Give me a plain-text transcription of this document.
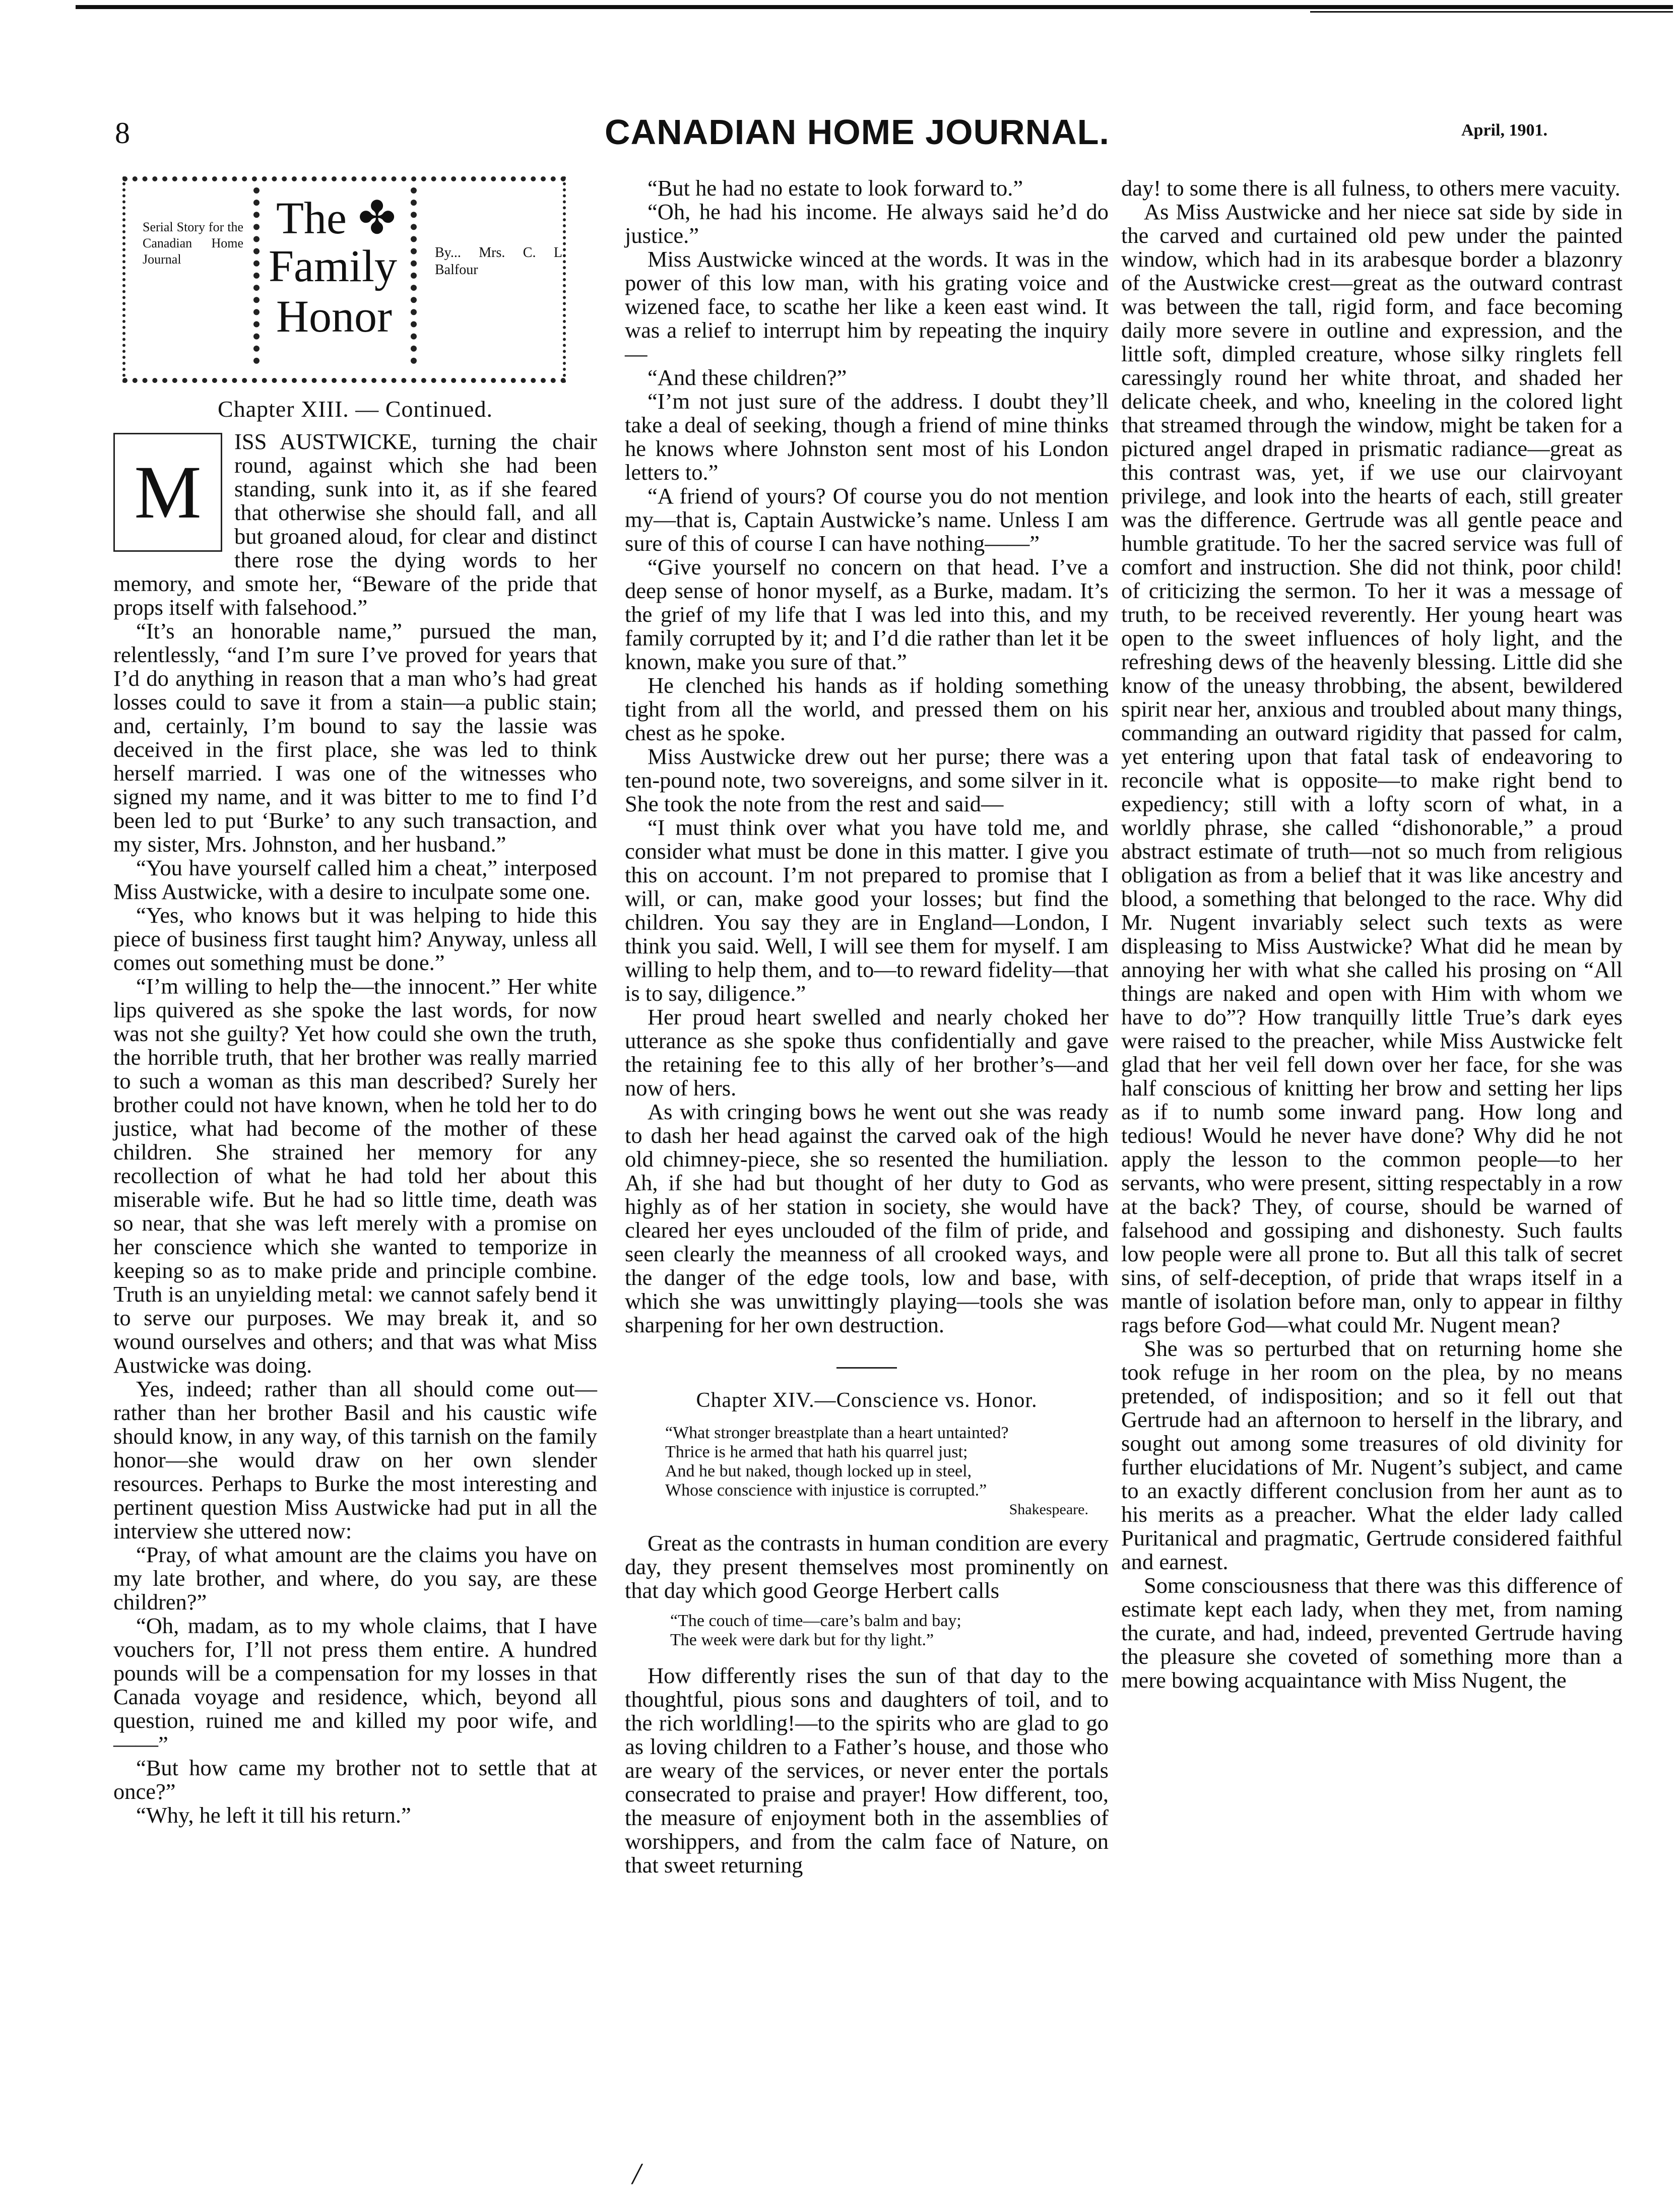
8	CANADIAN HOME JOURNAL.	April, 1901.
Serial Story for the Canadian Home Journal
The ✤
Family
Honor
By... Mrs. C. L. Balfour
Chapter XIII. — Continued.
M

ISS AUSTWICKE, turning the chair round, against which she had been standing, sunk into it, as if she feared that otherwise she should fall, and all but groaned aloud, for clear and distinct there rose the dying words to her memory, and smote her, “Beware of the pride that props itself with falsehood.”

“It’s an honorable name,” pursued the man, relentlessly, “and I’m sure I’ve proved for years that I’d do anything in reason that a man who’s had great losses could to save it from a stain—a public stain; and, certainly, I’m bound to say the lassie was deceived in the first place, she was led to think herself married. I was one of the witnesses who signed my name, and it was bitter to me to find I’d been led to put ‘Burke’ to any such transaction, and my sister, Mrs. Johnston, and her husband.”

“You have yourself called him a cheat,” interposed Miss Austwicke, with a desire to inculpate some one.

“Yes, who knows but it was helping to hide this piece of business first taught him? Anyway, unless all comes out something must be done.”

“I’m willing to help the—the innocent.” Her white lips quivered as she spoke the last words, for now was not she guilty? Yet how could she own the truth, the horrible truth, that her brother was really married to such a woman as this man described? Surely her brother could not have known, when he told her to do justice, what had become of the mother of these children. She strained her memory for any recollection of what he had told her about this miserable wife. But he had so little time, death was so near, that she was left merely with a promise on her conscience which she wanted to temporize in keeping so as to make pride and principle combine. Truth is an unyielding metal: we cannot safely bend it to serve our purposes. We may break it, and so wound ourselves and others; and that was what Miss Austwicke was doing.

Yes, indeed; rather than all should come out—rather than her brother Basil and his caustic wife should know, in any way, of this tarnish on the family honor—she would draw on her own slender resources. Perhaps to Burke the most interesting and pertinent question Miss Austwicke had put in all the interview she uttered now:

“Pray, of what amount are the claims you have on my late brother, and where, do you say, are these children?”

“Oh, madam, as to my whole claims, that I have vouchers for, I’ll not press them entire. A hundred pounds will be a compensation for my losses in that Canada voyage and residence, which, beyond all question, ruined me and killed my poor wife, and——”

“But how came my brother not to settle that at once?”

“Why, he left it till his return.”

“But he had no estate to look forward to.”

“Oh, he had his income. He always said he’d do justice.”

Miss Austwicke winced at the words. It was in the power of this low man, with his grating voice and wizened face, to scathe her like a keen east wind. It was a relief to interrupt him by repeating the inquiry—

“And these children?”

“I’m not just sure of the address. I doubt they’ll take a deal of seeking, though a friend of mine thinks he knows where Johnston sent most of his London letters to.”

“A friend of yours? Of course you do not mention my—that is, Captain Austwicke’s name. Unless I am sure of this of course I can have nothing——”

“Give yourself no concern on that head. I’ve a deep sense of honor myself, as a Burke, madam. It’s the grief of my life that I was led into this, and my family corrupted by it; and I’d die rather than let it be known, make you sure of that.”

He clenched his hands as if holding something tight from all the world, and pressed them on his chest as he spoke.

Miss Austwicke drew out her purse; there was a ten-pound note, two sovereigns, and some silver in it. She took the note from the rest and said—

“I must think over what you have told me, and consider what must be done in this matter. I give you this on account. I’m not prepared to promise that I will, or can, make good your losses; but find the children. You say they are in England—London, I think you said. Well, I will see them for myself. I am willing to help them, and to—to reward fidelity—that is to say, diligence.”

Her proud heart swelled and nearly choked her utterance as she spoke thus confidentially and gave the retaining fee to this ally of her brother’s—and now of hers.

As with cringing bows he went out she was ready to dash her head against the carved oak of the high old chimney-piece, she so resented the humiliation. Ah, if she had but thought of her duty to God as highly as of her station in society, she would have cleared her eyes unclouded of the film of pride, and seen clearly the meanness of all crooked ways, and the danger of the edge tools, low and base, with which she was unwittingly playing—tools she was sharpening for her own destruction.

Chapter XIV.—Conscience vs. Honor.
“What stronger breastplate than a heart untainted?
Thrice is he armed that hath his quarrel just;
And he but naked, though locked up in steel,
Whose conscience with injustice is corrupted.”
Shakespeare.

Great as the contrasts in human condition are every day, they present themselves most prominently on that day which good George Herbert calls

“The couch of time—care’s balm and bay;
The week were dark but for thy light.”

How differently rises the sun of that day to the thoughtful, pious sons and daughters of toil, and to the rich worldling!—to the spirits who are glad to go as loving children to a Father’s house, and those who are weary of the services, or never enter the portals consecrated to praise and prayer! How different, too, the measure of enjoyment both in the assemblies of worshippers, and from the calm face of Nature, on that sweet returning

day! to some there is all fulness, to others mere vacuity.

As Miss Austwicke and her niece sat side by side in the carved and curtained old pew under the painted window, which had in its arabesque border a blazonry of the Austwicke crest—great as the outward contrast was between the tall, rigid form, and face becoming daily more severe in outline and expression, and the little soft, dimpled creature, whose silky ringlets fell caressingly round her white throat, and shaded her delicate cheek, and who, kneeling in the colored light that streamed through the window, might be taken for a pictured angel draped in prismatic radiance—great as this contrast was, yet, if we use our clairvoyant privilege, and look into the hearts of each, still greater was the difference. Gertrude was all gentle peace and humble gratitude. To her the sacred service was full of comfort and instruction. She did not think, poor child! of criticizing the sermon. To her it was a message of truth, to be received reverently. Her young heart was open to the sweet influences of holy light, and the refreshing dews of the heavenly blessing. Little did she know of the uneasy throbbing, the absent, bewildered spirit near her, anxious and troubled about many things, commanding an outward rigidity that passed for calm, yet entering upon that fatal task of endeavoring to reconcile what is opposite—to make right bend to expediency; still with a lofty scorn of what, in a worldly phrase, she called “dishonorable,” a proud abstract estimate of truth—not so much from religious obligation as from a belief that it was like ancestry and blood, a something that belonged to the race. Why did Mr. Nugent invariably select such texts as were displeasing to Miss Austwicke? What did he mean by annoying her with what she called his prosing on “All things are naked and open with Him with whom we have to do”? How tranquilly little True’s dark eyes were raised to the preacher, while Miss Austwicke felt glad that her veil fell down over her face, for she was half conscious of knitting her brow and setting her lips as if to numb some inward pang. How long and tedious! Would he never have done? Why did he not apply the lesson to the common people—to her servants, who were present, sitting respectably in a row at the back? They, of course, should be warned of falsehood and gossiping and dishonesty. Such faults low people were all prone to. But all this talk of secret sins, of self-deception, of pride that wraps itself in a mantle of isolation before man, only to appear in filthy rags before God—what could Mr. Nugent mean?

She was so perturbed that on returning home she took refuge in her room on the plea, by no means pretended, of indisposition; and so it fell out that Gertrude had an afternoon to herself in the library, and sought out among some treasures of old divinity for further elucidations of Mr. Nugent’s subject, and came to an exactly different conclusion from her aunt as to his merits as a preacher. What the elder lady called Puritanical and pragmatic, Gertrude considered faithful and earnest.

Some consciousness that there was this difference of estimate kept each lady, when they met, from naming the curate, and had, indeed, prevented Gertrude having the pleasure she coveted of something more than a mere bowing acquaintance with Miss Nugent, the

/
